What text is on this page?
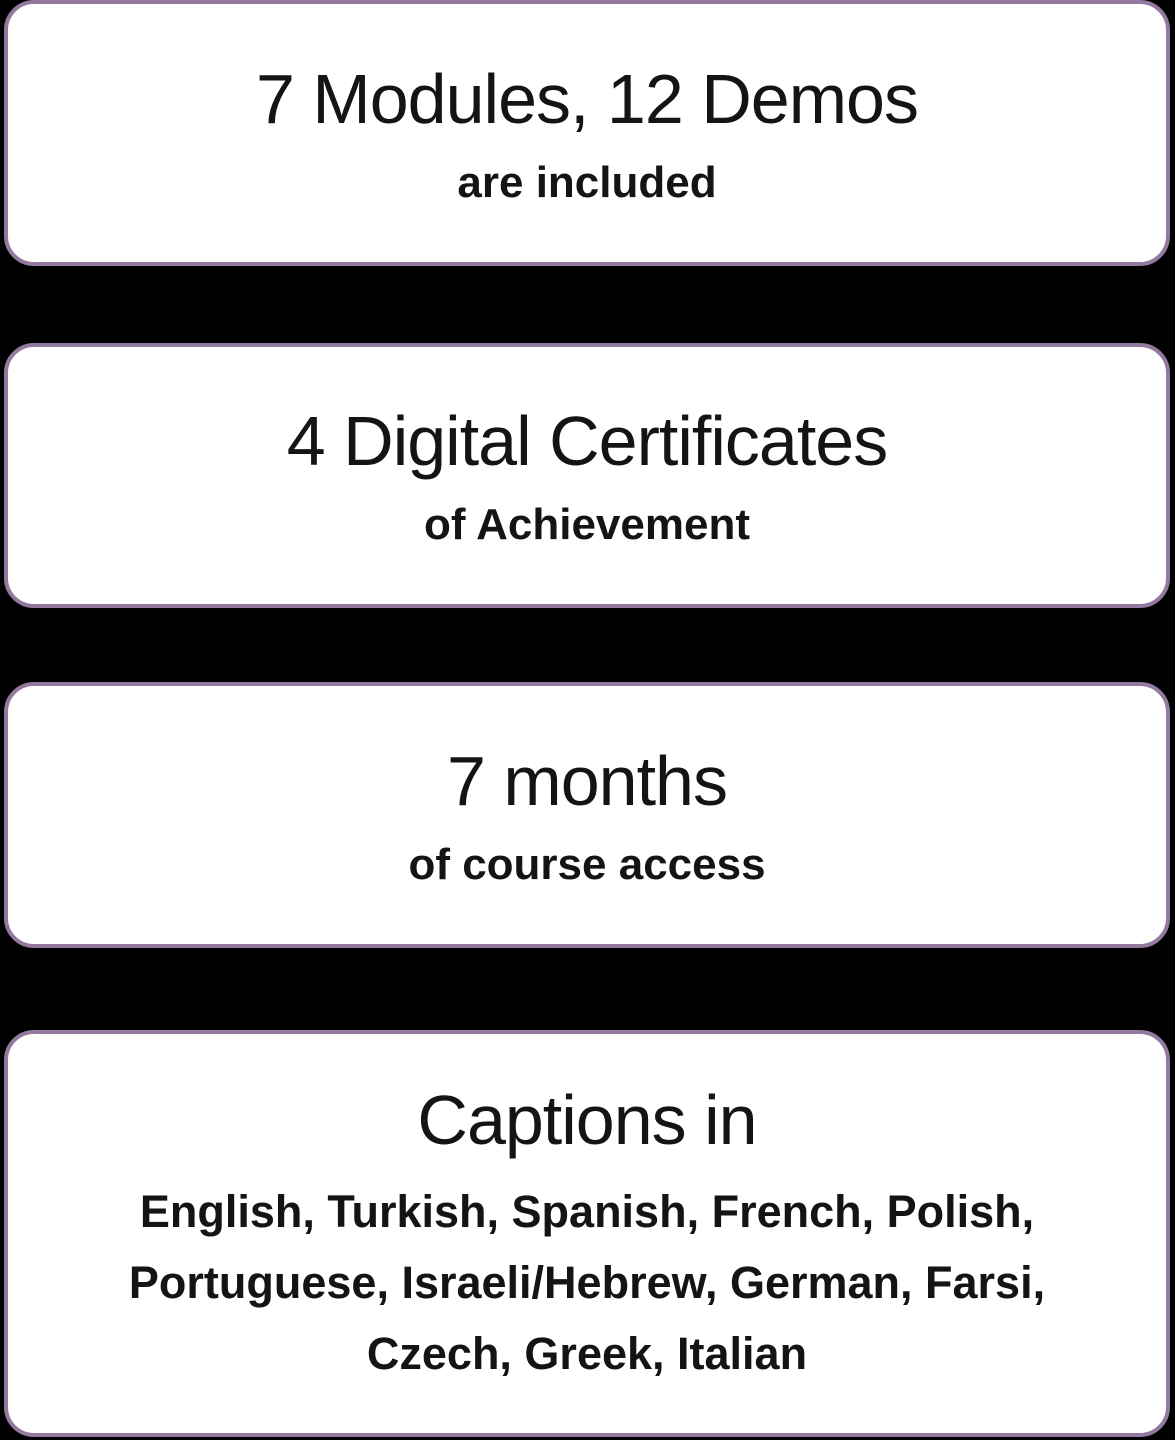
7 Modules, 12 Demos
are included
4 Digital Certificates
of Achievement
7 months
of course access
Captions in
English, Turkish, Spanish, French, Polish,
Portuguese, Israeli/Hebrew, German, Farsi,
Czech, Greek, Italian
